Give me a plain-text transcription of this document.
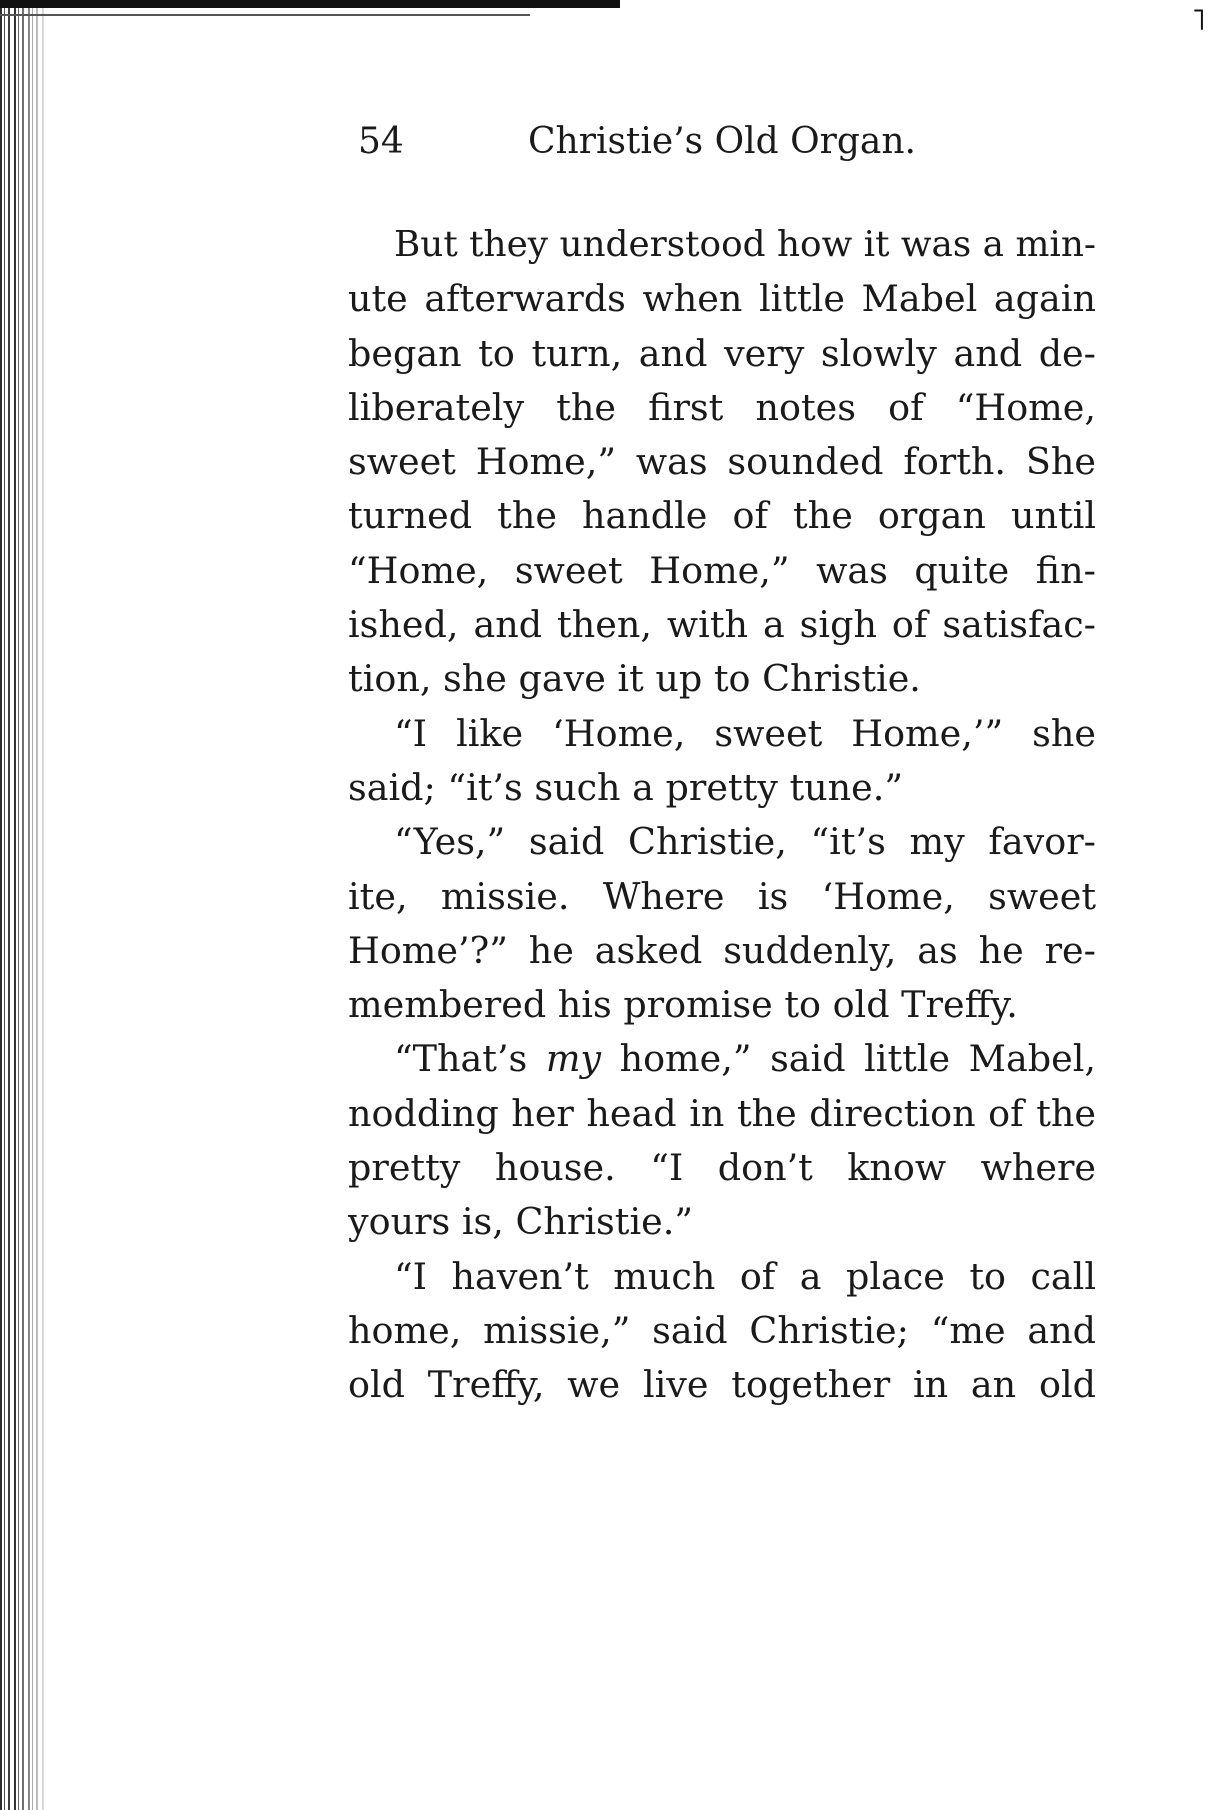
˥
54	Christie’s Old Organ.
But they understood how it was a min-
ute afterwards when little Mabel again
began to turn, and very slowly and de-
liberately the first notes of “Home,
sweet Home,” was sounded forth. She
turned the handle of the organ until
“Home, sweet Home,” was quite fin-
ished, and then, with a sigh of satisfac-
tion, she gave it up to Christie.
“I like ‘Home, sweet Home,’” she
said; “it’s such a pretty tune.”
“Yes,” said Christie, “it’s my favor-
ite, missie. Where is ‘Home, sweet
Home’?” he asked suddenly, as he re-
membered his promise to old Treffy.
“That’s my home,” said little Mabel,
nodding her head in the direction of the
pretty house. “I don’t know where
yours is, Christie.”
“I haven’t much of a place to call
home, missie,” said Christie; “me and
old Treffy, we live together in an old
